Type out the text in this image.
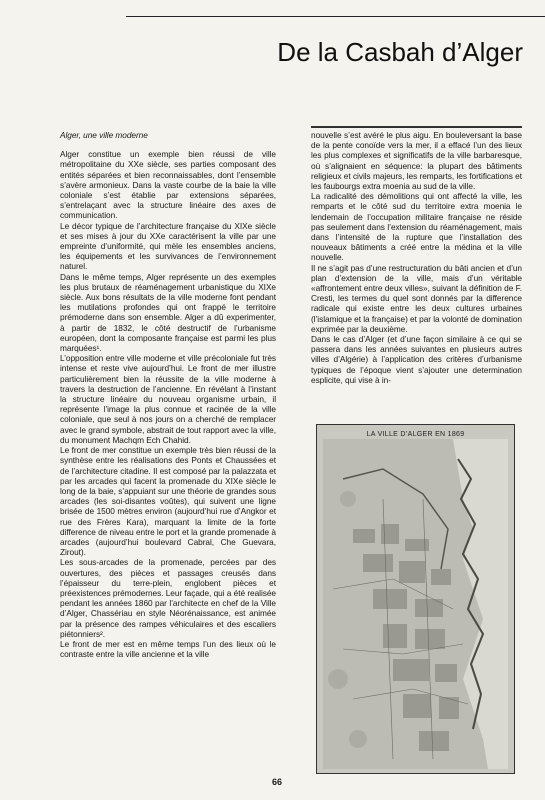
De la Casbah d’Alger

Alger, une ville moderne

Alger constitue un exemple bien réussi de ville métropolitaine du XXe siècle, ses parties composant des entités séparées et bien reconnaissables, dont l’ensemble s’avère armonieux. Dans la vaste courbe de la baie la ville coloniale s’est établie par extensions séparées, s’entrelaçant avec la structure linéaire des axes de communication.

Le décor typique de l’architecture française du XIXe siècle et ses mises à jour du XXe caractérisent la ville par une empreinte d’uniformité, qui mèle les ensembles anciens, les équipements et les survivances de l’environnement naturel.

Dans le même temps, Alger représente un des exemples les plus brutaux de réaménagement urbanistique du XIXe siècle. Aux bons résultats de la ville moderne font pendant les mutilations profondes qui ont frappé le territoire prémoderne dans son ensemble. Alger a dû experimenter, à partir de 1832, le côté destructif de l’urbanisme européen, dont la composante française est parmi les plus marquées¹.

L’opposition entre ville moderne et ville précoloniale fut très intense et reste vive aujourd’hui. Le front de mer illustre particulièrement bien la réussite de la ville moderne à travers la destruction de l’ancienne. En révélant à l’instant la structure linéaire du nouveau organisme urbain, il représente l’image la plus connue et racinée de la ville coloniale, que seul à nos jours on a cherché de remplacer avec le grand symbole, abstrait de tout rapport avec la ville, du monument Machqm Ech Chahid.

Le front de mer constitue un exemple très bien réussi de la synthèse entre les réalisations des Ponts et Chaussées et de l’architecture citadine. Il est composé par la palazzata et par les arcades qui facent la promenade du XIXe siècle le long de la baie, s’appuiant sur une théorie de grandes sous arcades (les soi-disantes voûtes), qui suivent une ligne brisée de 1500 mètres environ (aujourd’hui rue d’Angkor et rue des Frères Kara), marquant la limite de la forte difference de niveau entre le port et la grande promenade à arcades (aujourd’hui boulevard Cabral, Che Guevara, Zirout).

Les sous-arcades de la promenade, percées par des ouvertures, des pièces et passages creusés dans l’épaisseur du terre-plein, englobent pièces et préexistences prémodernes. Leur façade, qui a été realisée pendant les années 1860 par l’architecte en chef de la Ville d’Alger, Chassériau en style Néorénaissance, est animée par la présence des rampes véhiculaires et des escaliers piétonniers².

Le front de mer est en même temps l’un des lieux où le contraste entre la ville ancienne et la ville

nouvelle s’est avéré le plus aigu. En bouleversant la base de la pente conoïde vers la mer, il a effacé l’un des lieux les plus complexes et significatifs de la ville barbaresque, où s’alignaient en séquence: la plupart des bâtiments religieux et civils majeurs, les remparts, les fortifications et les faubourgs extra moenia au sud de la ville.

La radicalité des démolitions qui ont affecté la ville, les remparts et le côté sud du territoire extra moenia le lendemain de l’occupation militaire française ne réside pas seulement dans l’extension du réaménagement, mais dans l’intensité de la rupture que l’installation des nouveaux bâtiments a créé entre la médina et la ville nouvelle.

Il ne s’agit pas d’une restructuration du bâti ancien et d’un plan d’extension de la ville, mais d’un véritable «affrontement entre deux villes», suivant la définition de F. Cresti, les termes du quel sont donnés par la difference radicale qui existe entre les deux cultures urbaines (l’islamique et la française) et par la volonté de domination exprimée par la deuxième.

Dans le cas d’Alger (et d’une façon similaire à ce qui se passera dans les années suivantes en plusieurs autres villes d’Algérie) à l’application des critères d’urbanisme typiques de l’époque vient s’ajouter une determination esplicite, qui vise à in-

LA VILLE D’ALGER EN 1869
66
